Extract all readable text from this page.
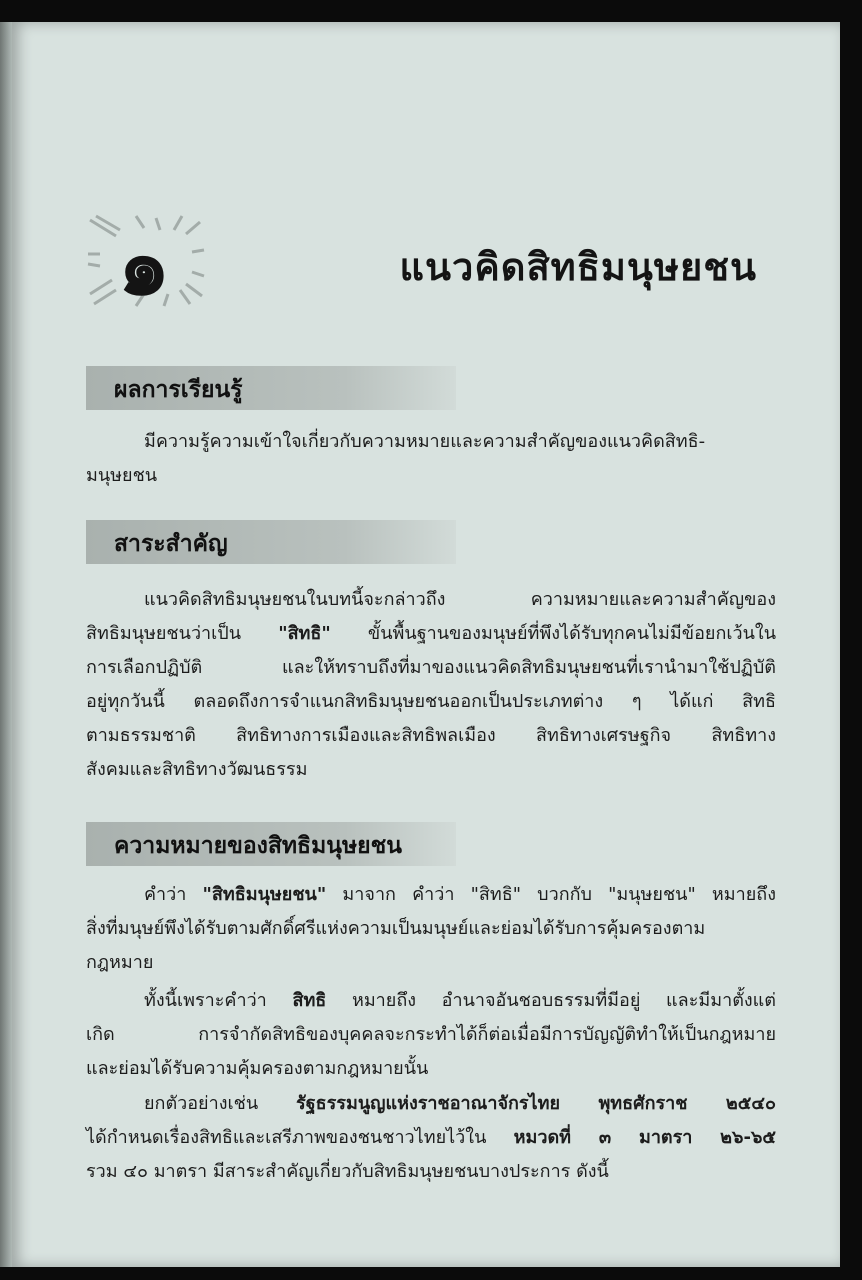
๑	แนวคิดสิทธิมนุษยชน
ผลการเรียนรู้
มีความรู้ความเข้าใจเกี่ยวกับความหมายและความสำคัญของแนวคิดสิทธิ-
มนุษยชน
สาระสำคัญ
แนวคิดสิทธิมนุษยชนในบทนี้จะกล่าวถึง ความหมายและความสำคัญของ
สิทธิมนุษยชนว่าเป็น "สิทธิ" ขั้นพื้นฐานของมนุษย์ที่พึงได้รับทุกคนไม่มีข้อยกเว้นใน
การเลือกปฏิบัติ และให้ทราบถึงที่มาของแนวคิดสิทธิมนุษยชนที่เรานำมาใช้ปฏิบัติ
อยู่ทุกวันนี้ ตลอดถึงการจำแนกสิทธิมนุษยชนออกเป็นประเภทต่าง ๆ ได้แก่ สิทธิ
ตามธรรมชาติ สิทธิทางการเมืองและสิทธิพลเมือง สิทธิทางเศรษฐกิจ สิทธิทาง
สังคมและสิทธิทางวัฒนธรรม
ความหมายของสิทธิมนุษยชน
คำว่า "สิทธิมนุษยชน" มาจาก คำว่า "สิทธิ" บวกกับ "มนุษยชน" หมายถึง
สิ่งที่มนุษย์พึงได้รับตามศักดิ์ศรีแห่งความเป็นมนุษย์และย่อมได้รับการคุ้มครองตาม
กฎหมาย
ทั้งนี้เพราะคำว่า สิทธิ หมายถึง อำนาจอันชอบธรรมที่มีอยู่ และมีมาตั้งแต่
เกิด การจำกัดสิทธิของบุคคลจะกระทำได้ก็ต่อเมื่อมีการบัญญัติทำให้เป็นกฎหมาย
และย่อมได้รับความคุ้มครองตามกฎหมายนั้น
ยกตัวอย่างเช่น รัฐธรรมนูญแห่งราชอาณาจักรไทย พุทธศักราช ๒๕๔๐
ได้กำหนดเรื่องสิทธิและเสรีภาพของชนชาวไทยไว้ใน หมวดที่ ๓ มาตรา ๒๖-๖๕
รวม ๔๐ มาตรา มีสาระสำคัญเกี่ยวกับสิทธิมนุษยชนบางประการ ดังนี้
